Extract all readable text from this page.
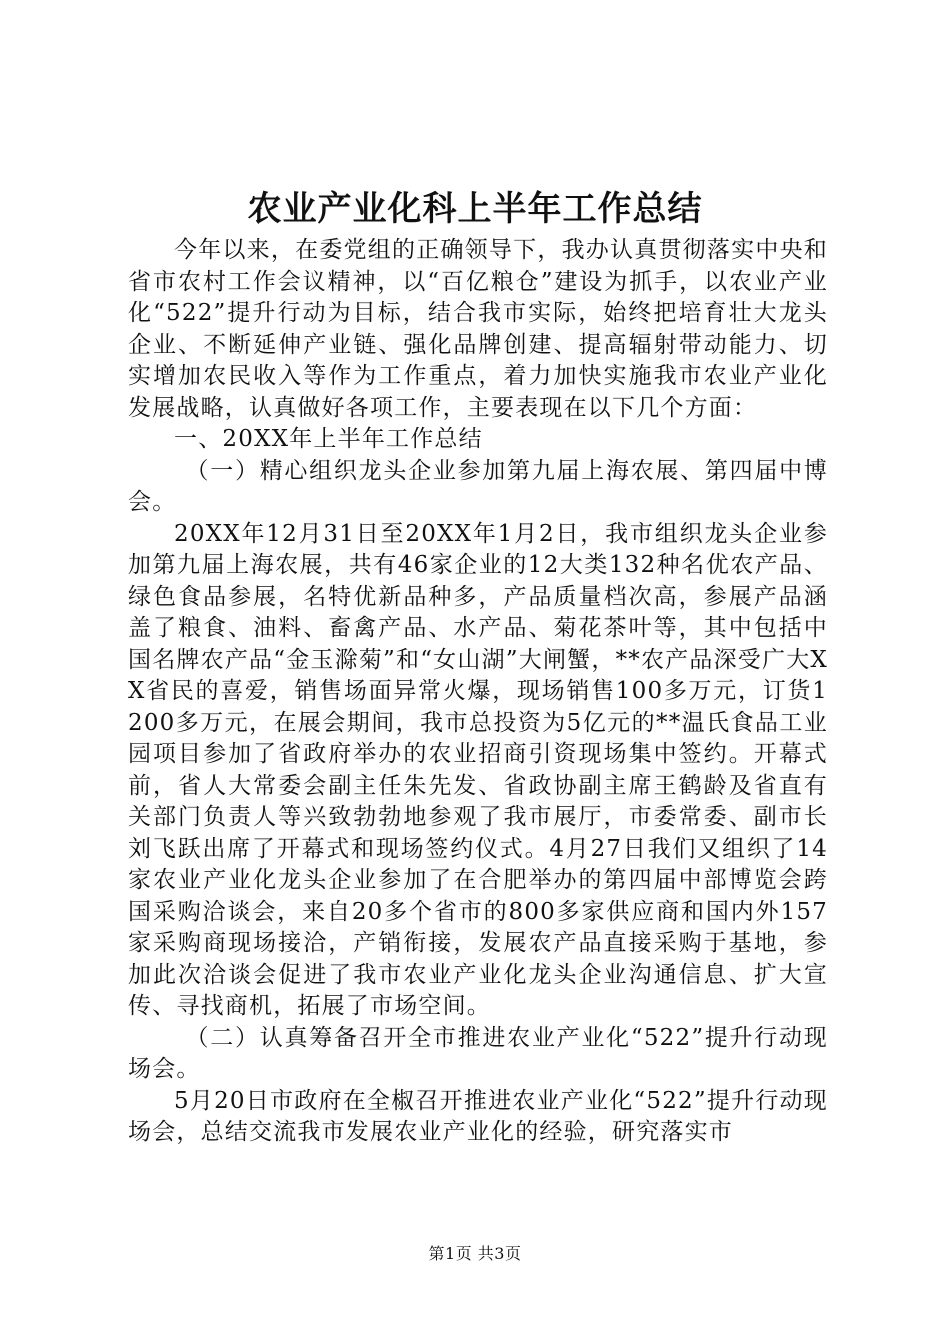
农业产业化科上半年工作总结

今年以来，在委党组的正确领导下，我办认真贯彻落实中央和省市农村工作会议精神，以“百亿粮仓”建设为抓手，以农业产业化“522”提升行动为目标，结合我市实际，始终把培育壮大龙头企业、不断延伸产业链、强化品牌创建、提高辐射带动能力、切实增加农民收入等作为工作重点，着力加快实施我市农业产业化发展战略，认真做好各项工作，主要表现在以下几个方面：

一、20XX年上半年工作总结

（一）精心组织龙头企业参加第九届上海农展、第四届中博会。

20XX年12月31日至20XX年1月2日，我市组织龙头企业参加第九届上海农展，共有46家企业的12大类132种名优农产品、绿色食品参展，名特优新品种多，产品质量档次高，参展产品涵盖了粮食、油料、畜禽产品、水产品、菊花茶叶等，其中包括中国名牌农产品“金玉滁菊”和“女山湖”大闸蟹，**农产品深受广大XX省民的喜爱，销售场面异常火爆，现场销售100多万元，订货1200多万元，在展会期间，我市总投资为5亿元的**温氏食品工业园项目参加了省政府举办的农业招商引资现场集中签约。开幕式前，省人大常委会副主任朱先发、省政协副主席王鹤龄及省直有关部门负责人等兴致勃勃地参观了我市展厅，市委常委、副市长刘飞跃出席了开幕式和现场签约仪式。4月27日我们又组织了14家农业产业化龙头企业参加了在合肥举办的第四届中部博览会跨国采购洽谈会，来自20多个省市的800多家供应商和国内外157家采购商现场接洽，产销衔接，发展农产品直接采购于基地，参加此次洽谈会促进了我市农业产业化龙头企业沟通信息、扩大宣传、寻找商机，拓展了市场空间。

（二）认真筹备召开全市推进农业产业化“522”提升行动现场会。

5月20日市政府在全椒召开推进农业产业化“522”提升行动现场会，总结交流我市发展农业产业化的经验，研究落实市

第1页 共3页
